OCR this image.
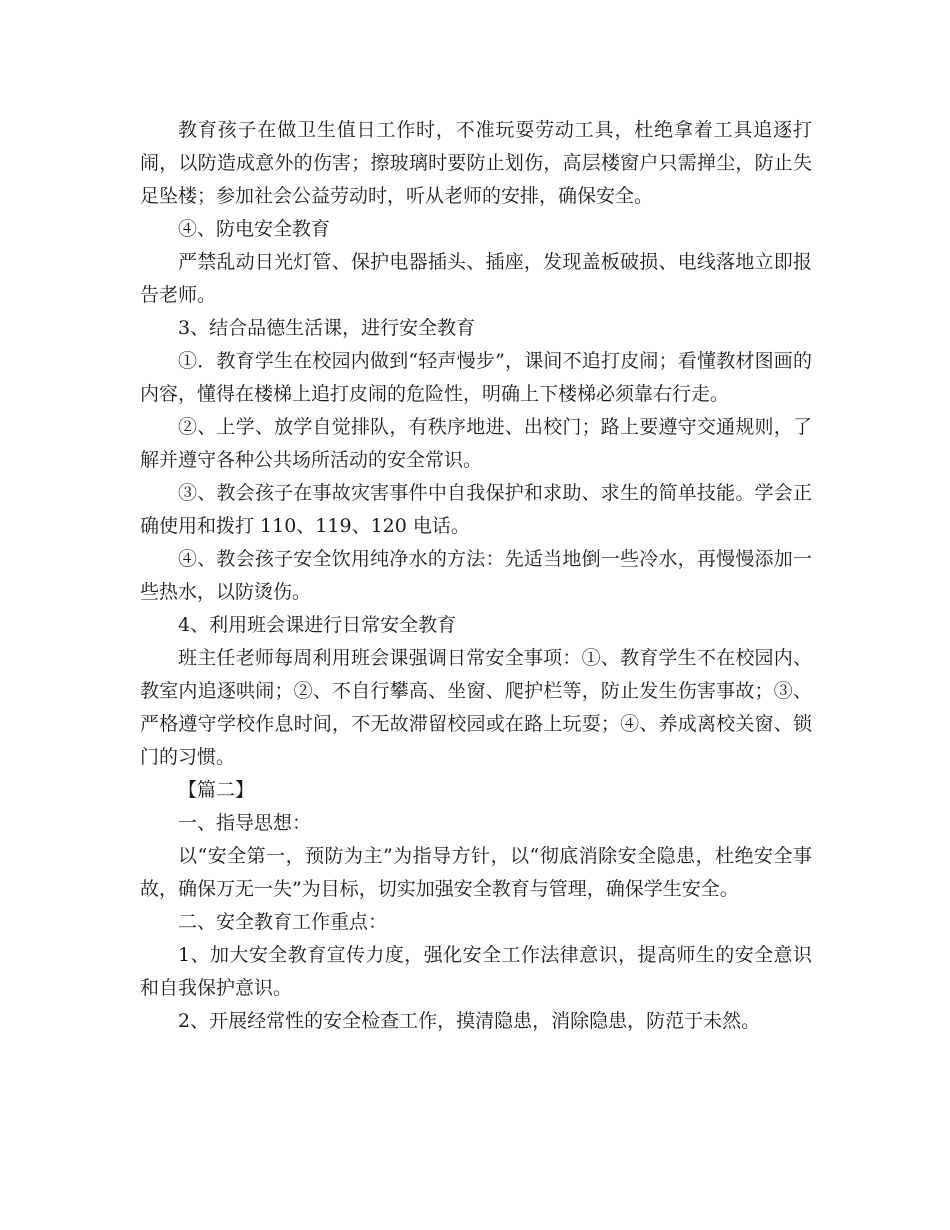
教育孩子在做卫生值日工作时，不准玩耍劳动工具，杜绝拿着工具追逐打闹，以防造成意外的伤害；擦玻璃时要防止划伤，高层楼窗户只需掸尘，防止失足坠楼；参加社会公益劳动时，听从老师的安排，确保安全。

④、防电安全教育

严禁乱动日光灯管、保护电器插头、插座，发现盖板破损、电线落地立即报告老师。

3、结合品德生活课，进行安全教育

①．教育学生在校园内做到“轻声慢步”，课间不追打皮闹；看懂教材图画的内容，懂得在楼梯上追打皮闹的危险性，明确上下楼梯必须靠右行走。

②、上学、放学自觉排队，有秩序地进、出校门；路上要遵守交通规则，了解并遵守各种公共场所活动的安全常识。

③、教会孩子在事故灾害事件中自我保护和求助、求生的简单技能。学会正确使用和拨打 110、119、120 电话。

④、教会孩子安全饮用纯净水的方法：先适当地倒一些冷水，再慢慢添加一些热水，以防烫伤。

4、利用班会课进行日常安全教育

班主任老师每周利用班会课强调日常安全事项：①、教育学生不在校园内、教室内追逐哄闹；②、不自行攀高、坐窗、爬护栏等，防止发生伤害事故；③、严格遵守学校作息时间，不无故滞留校园或在路上玩耍；④、养成离校关窗、锁门的习惯。

【篇二】

一、指导思想：

以“安全第一，预防为主”为指导方针，以“彻底消除安全隐患，杜绝安全事故，确保万无一失”为目标，切实加强安全教育与管理，确保学生安全。

二、安全教育工作重点：

1、加大安全教育宣传力度，强化安全工作法律意识，提高师生的安全意识和自我保护意识。

2、开展经常性的安全检查工作，摸清隐患，消除隐患，防范于未然。
